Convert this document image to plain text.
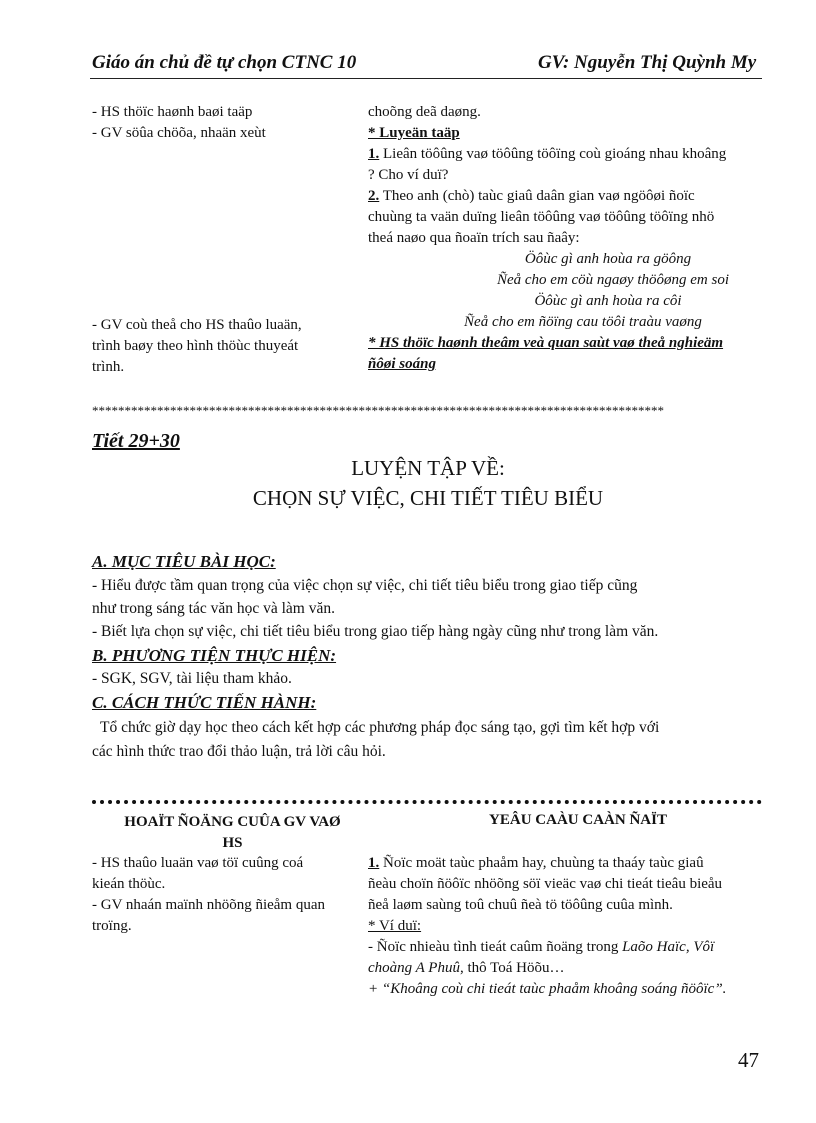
Giáo án chủ đề tự chọn CTNC 10	GV: Nguyễn Thị Quỳnh My
- HS thöïc haønh baøi taäp
- GV söûa chöõa, nhaän xeùt
- GV coù theå cho HS thaûo luaän,
trình baøy theo hình thöùc thuyeát
trình.
choõng deã daøng.
* Luyeän taäp
1. Lieân töôûng vaø töôûng töôïng coù gioáng nhau khoâng
? Cho ví duï?
2. Theo anh (chò) taùc giaû daân gian vaø ngöôøi ñoïc
chuùng ta vaän duïng lieân töôûng vaø töôûng töôïng nhö
theá naøo qua ñoaïn trích sau ñaây:
Öôùc gì anh hoùa ra göông
Ñeå cho em cöù ngaøy thöôøng em soi
Öôùc gì anh hoùa ra côi
Ñeå cho em ñöïng cau töôi traàu vaøng
* HS thöïc haønh theâm veà quan saùt vaø theå nghieäm
ñôøi soáng
****************************************************************************************
Tiết 29+30
LUYỆN TẬP VỀ:
CHỌN SỰ VIỆC, CHI TIẾT TIÊU BIỂU
A. MỤC TIÊU BÀI HỌC:
- Hiểu được tầm quan trọng của việc chọn sự việc, chi tiết tiêu biểu trong giao tiếp cũng
như trong sáng tác văn học và làm văn.
- Biết lựa chọn sự việc, chi tiết tiêu biểu trong giao tiếp hàng ngày cũng như trong làm văn.
B. PHƯƠNG TIỆN THỰC HIỆN:
- SGK, SGV, tài liệu tham khảo.
C. CÁCH THỨC TIẾN HÀNH:
Tổ chức giờ dạy học theo cách kết hợp các phương pháp đọc sáng tạo, gợi tìm kết hợp với
các hình thức trao đổi thảo luận, trả lời câu hỏi.
HOAÏT ÑOÄNG CUÛA GV VAØ
HS
YEÂU CAÀU CAÀN ÑAÏT
- HS thaûo luaän vaø töï cuûng coá
kieán thöùc.
- GV nhaán maïnh nhöõng ñieåm quan
troïng.
1. Ñoïc moät taùc phaåm hay, chuùng ta thaáy taùc giaû
ñeàu choïn ñöôïc nhöõng söï vieäc vaø chi tieát tieâu bieåu
ñeå laøm saùng toû chuû ñeà tö töôûng cuûa mình.
* Ví duï:
- Ñoïc nhieàu tình tieát caûm ñoäng trong Laõo Haïc, Vôï
choàng A Phuû, thô Toá Höõu…
+ “Khoâng coù chi tieát taùc phaåm khoâng soáng ñöôïc”.
47
